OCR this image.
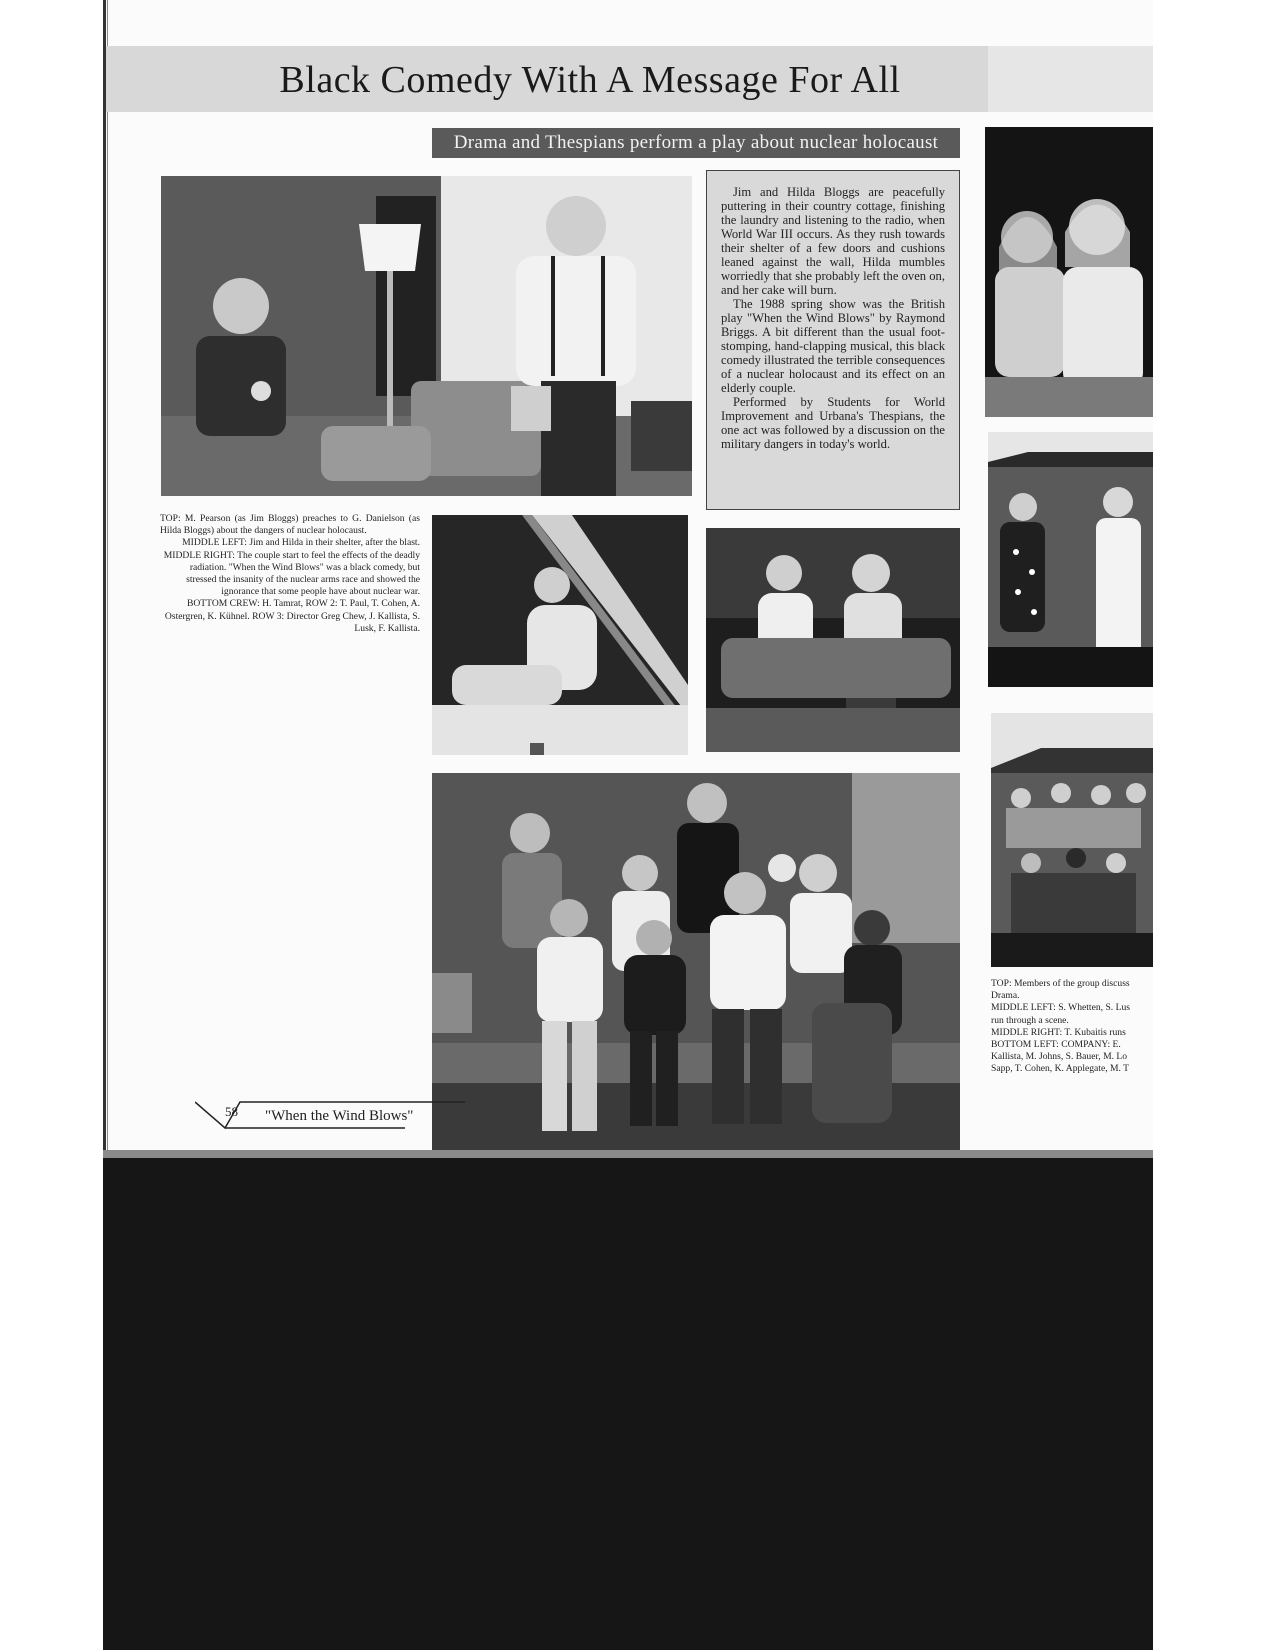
Black Comedy With A Message For All
Drama and Thespians perform a play about nuclear holocaust

Jim and Hilda Bloggs are peacefully puttering in their country cottage, finishing the laundry and listening to the radio, when World War III occurs. As they rush towards their shelter of a few doors and cushions leaned against the wall, Hilda mumbles worriedly that she probably left the oven on, and her cake will burn.

The 1988 spring show was the British play "When the Wind Blows" by Raymond Briggs. A bit different than the usual foot-stomping, hand-clapping musical, this black comedy illustrated the terrible consequences of a nuclear holocaust and its effect on an elderly couple.

Performed by Students for World Improvement and Urbana's Thespians, the one act was followed by a discussion on the military dangers in today's world.

TOP: M. Pearson (as Jim Bloggs) preaches to G. Danielson (as Hilda Bloggs) about the dangers of nuclear holocaust.

MIDDLE LEFT: Jim and Hilda in their shelter, after the blast.

MIDDLE RIGHT: The couple start to feel the effects of the deadly radiation. "When the Wind Blows" was a black comedy, but stressed the insanity of the nuclear arms race and showed the ignorance that some people have about nuclear war.

BOTTOM CREW: H. Tamrat, ROW 2: T. Paul, T. Cohen, A. Ostergren, K. Kühnel. ROW 3: Director Greg Chew, J. Kallista, S. Lusk, F. Kallista.

TOP: Members of the group discuss

Drama.

MIDDLE LEFT: S. Whetten, S. Lus

run through a scene.

MIDDLE RIGHT: T. Kubaitis runs

BOTTOM LEFT: COMPANY: E.

Kallista, M. Johns, S. Bauer, M. Lo

Sapp, T. Cohen, K. Applegate, M. T

58 "When the Wind Blows"
